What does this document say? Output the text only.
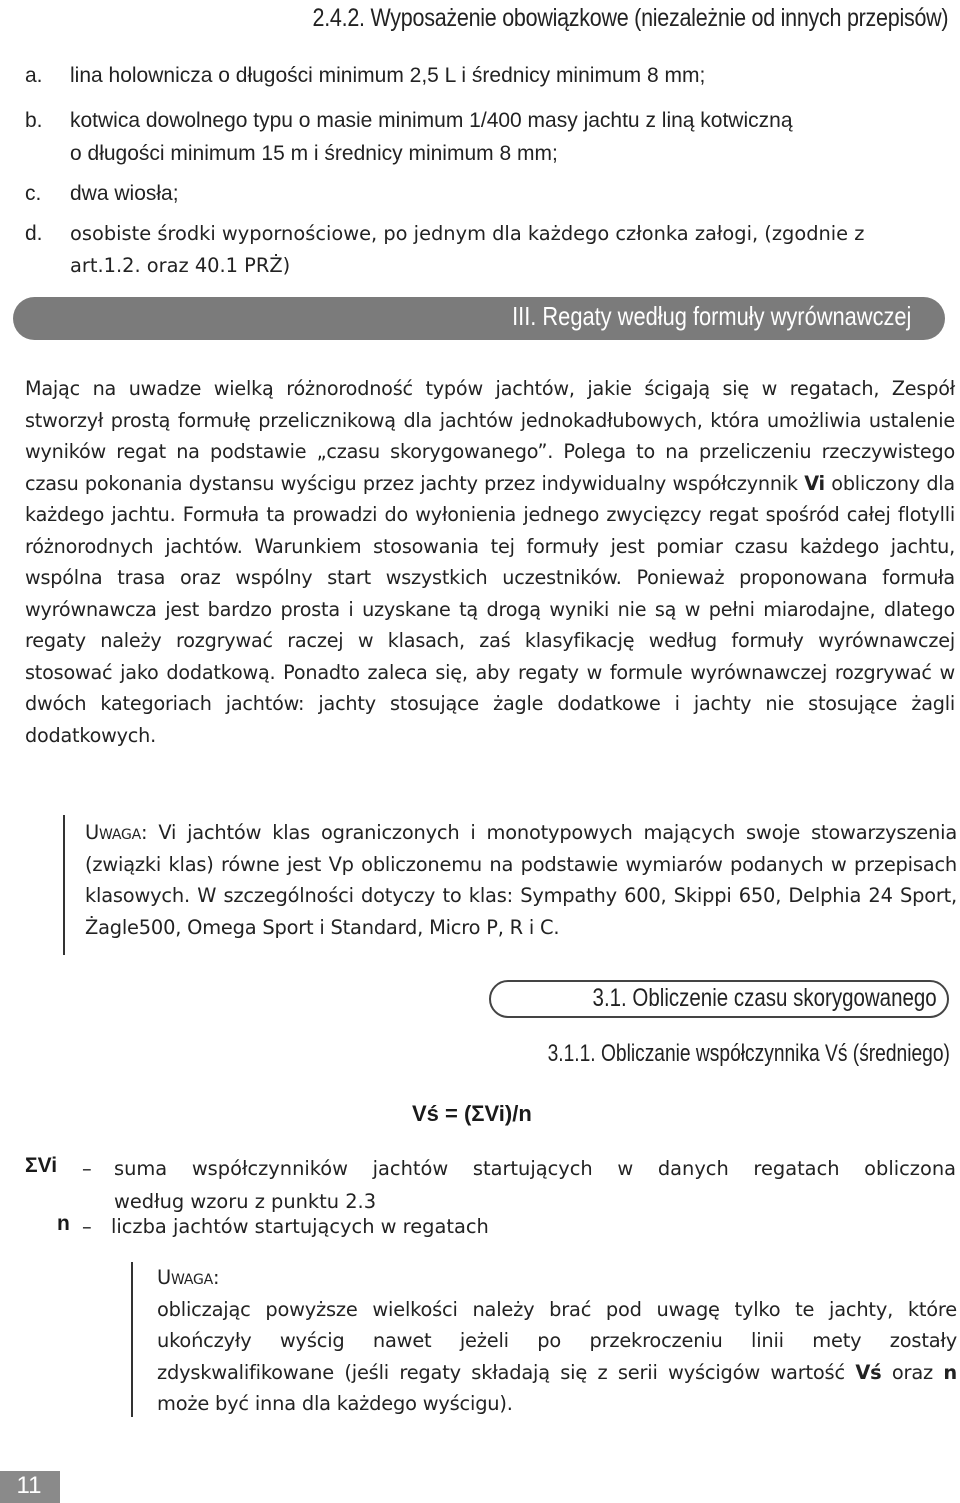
2.4.2. Wyposażenie obowiązkowe (niezależnie od innych przepisów)
a. lina holownicza o długości minimum 2,5 L i średnicy minimum 8 mm;
b. kotwica dowolnego typu o masie minimum 1/400 masy jachtu z liną kotwiczną
o długości minimum 15 m i średnicy minimum 8 mm;
c. dwa wiosła;
d. osobiste środki wypornościowe, po jednym dla każdego członka załogi, (zgodnie z
art.1.2. oraz 40.1 PRŻ)
III. Regaty według formuły wyrównawczej
Mając na uwadze wielką różnorodność typów jachtów, jakie ścigają się w regatach, Zespół stworzył prostą formułę przelicznikową dla jachtów jednokadłubowych, która umożliwia ustalenie wyników regat na podstawie „czasu skorygowanego”. Polega to na przeliczeniu rzeczywistego czasu pokonania dystansu wyścigu przez jachty przez indywidualny współczynnik Vi obliczony dla każdego jachtu. Formuła ta prowadzi do wyłonienia jednego zwycięzcy regat spośród całej flotylli różnorodnych jachtów. Warunkiem stosowania tej formuły jest pomiar czasu każdego jachtu, wspólna trasa oraz wspólny start wszystkich uczestników. Ponieważ proponowana formuła wyrównawcza jest bardzo prosta i uzyskane tą drogą wyniki nie są w pełni miarodajne, dlatego regaty należy rozgrywać raczej w klasach, zaś klasyfikację według formuły wyrównawczej stosować jako dodatkową. Ponadto zaleca się, aby regaty w formule wyrównawczej rozgrywać w dwóch kategoriach jachtów: jachty stosujące żagle dodatkowe i jachty nie stosujące żagli dodatkowych.
Uwaga: Vi jachtów klas ograniczonych i monotypowych mających swoje stowarzyszenia (związki klas) równe jest Vp obliczonemu na podstawie wymiarów podanych w przepisach klasowych. W szczególności dotyczy to klas: Sympathy 600, Skippi 650, Delphia 24 Sport, Żagle500, Omega Sport i Standard, Micro P, R i C.
3.1. Obliczenie czasu skorygowanego
3.1.1. Obliczanie współczynnika Vś (średniego)
Vś = (ΣVi)/n
ΣVi – suma współczynników jachtów startujących w danych regatach obliczona
według wzoru z punktu 2.3
n – liczba jachtów startujących w regatach
Uwaga:
obliczając powyższe wielkości należy brać pod uwagę tylko te jachty, które ukończyły wyścig nawet jeżeli po przekroczeniu linii mety zostały zdyskwalifikowane (jeśli regaty składają się z serii wyścigów wartość Vś oraz n może być inna dla każdego wyścigu).
11
